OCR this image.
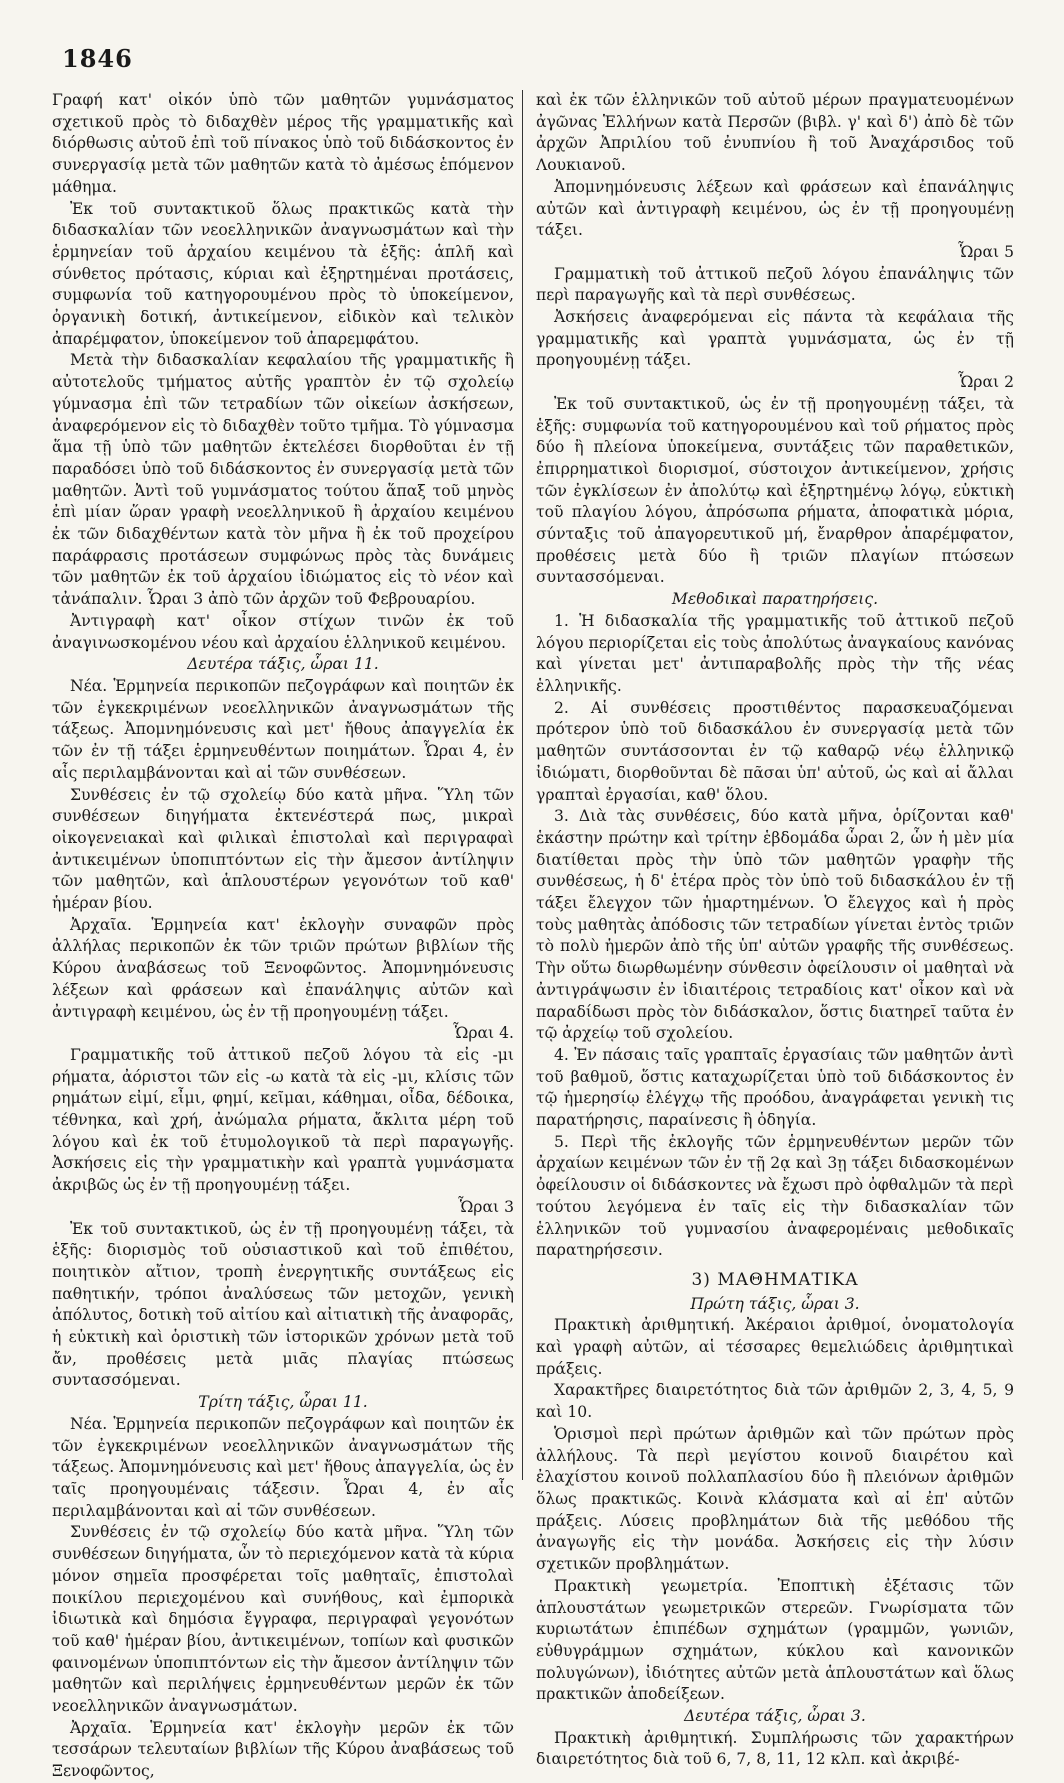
1846

Γραφή κατ' οἰκόν ὑπὸ τῶν μαθητῶν γυμνάσματος σχετικοῦ πρὸς τὸ διδαχθὲν μέρος τῆς γραμματικῆς καὶ διόρθωσις αὐτοῦ ἐπὶ τοῦ πίνακος ὑπὸ τοῦ διδάσκοντος ἐν συνεργασίᾳ μετὰ τῶν μαθητῶν κατὰ τὸ ἀμέσως ἑπόμενον μάθημα.

Ἐκ τοῦ συντακτικοῦ ὅλως πρακτικῶς κατὰ τὴν διδασκαλίαν τῶν νεοελληνικῶν ἀναγνωσμάτων καὶ τὴν ἑρμηνείαν τοῦ ἀρχαίου κειμένου τὰ ἑξῆς: ἁπλῆ καὶ σύνθετος πρότασις, κύριαι καὶ ἐξηρτημέναι προτάσεις, συμφωνία τοῦ κατηγορουμένου πρὸς τὸ ὑποκείμενον, ὀργανικὴ δοτική, ἀντικείμενον, εἰδικὸν καὶ τελικὸν ἀπαρέμφατον, ὑποκείμενον τοῦ ἀπαρεμφάτου.

Μετὰ τὴν διδασκαλίαν κεφαλαίου τῆς γραμματικῆς ἢ αὐτοτελοῦς τμήματος αὐτῆς γραπτὸν ἐν τῷ σχολείῳ γύμνασμα ἐπὶ τῶν τετραδίων τῶν οἰκείων ἀσκήσεων, ἀναφερόμενον εἰς τὸ διδαχθὲν τοῦτο τμῆμα. Τὸ γύμνασμα ἅμα τῇ ὑπὸ τῶν μαθητῶν ἐκτελέσει διορθοῦται ἐν τῇ παραδόσει ὑπὸ τοῦ διδάσκοντος ἐν συνεργασίᾳ μετὰ τῶν μαθητῶν. Ἀντὶ τοῦ γυμνάσματος τούτου ἅπαξ τοῦ μηνὸς ἐπὶ μίαν ὥραν γραφὴ νεοελληνικοῦ ἢ ἀρχαίου κειμένου ἐκ τῶν διδαχθέντων κατὰ τὸν μῆνα ἢ ἐκ τοῦ προχείρου παράφρασις προτάσεων συμφώνως πρὸς τὰς δυνάμεις τῶν μαθητῶν ἐκ τοῦ ἀρχαίου ἰδιώματος εἰς τὸ νέον καὶ τἀνάπαλιν. Ὧραι 3 ἀπὸ τῶν ἀρχῶν τοῦ Φεβρουαρίου.

Ἀντιγραφὴ κατ' οἶκον στίχων τινῶν ἐκ τοῦ ἀναγινωσκομένου νέου καὶ ἀρχαίου ἑλληνικοῦ κειμένου.

Δευτέρα τάξις, ὧραι 11.

Νέα. Ἑρμηνεία περικοπῶν πεζογράφων καὶ ποιητῶν ἐκ τῶν ἐγκεκριμένων νεοελληνικῶν ἀναγνωσμάτων τῆς τάξεως. Ἀπομνημόνευσις καὶ μετ' ἤθους ἀπαγγελία ἐκ τῶν ἐν τῇ τάξει ἑρμηνευθέντων ποιημάτων. Ὧραι 4, ἐν αἷς περιλαμβάνονται καὶ αἱ τῶν συνθέσεων.

Συνθέσεις ἐν τῷ σχολείῳ δύο κατὰ μῆνα. Ὕλη τῶν συνθέσεων διηγήματα ἐκτενέστερά πως, μικραὶ οἰκογενειακαὶ καὶ φιλικαὶ ἐπιστολαὶ καὶ περιγραφαὶ ἀντικειμένων ὑποπιπτόντων εἰς τὴν ἄμεσον ἀντίληψιν τῶν μαθητῶν, καὶ ἁπλουστέρων γεγονότων τοῦ καθ' ἡμέραν βίου.

Ἀρχαῖα. Ἑρμηνεία κατ' ἐκλογὴν συναφῶν πρὸς ἀλλήλας περικοπῶν ἐκ τῶν τριῶν πρώτων βιβλίων τῆς Κύρου ἀναβάσεως τοῦ Ξενοφῶντος. Ἀπομνημόνευσις λέξεων καὶ φράσεων καὶ ἐπανάληψις αὐτῶν καὶ ἀντιγραφὴ κειμένου, ὡς ἐν τῇ προηγουμένῃ τάξει.

Ὧραι 4.

Γραμματικῆς τοῦ ἀττικοῦ πεζοῦ λόγου τὰ εἰς -μι ρήματα, ἀόριστοι τῶν εἰς -ω κατὰ τὰ εἰς -μι, κλίσις τῶν ρημάτων εἰμί, εἶμι, φημί, κεῖμαι, κάθημαι, οἶδα, δέδοικα, τέθνηκα, καὶ χρή, ἀνώμαλα ρήματα, ἄκλιτα μέρη τοῦ λόγου καὶ ἐκ τοῦ ἐτυμολογικοῦ τὰ περὶ παραγωγῆς. Ἀσκήσεις εἰς τὴν γραμματικὴν καὶ γραπτὰ γυμνάσματα ἀκριβῶς ὡς ἐν τῇ προηγουμένῃ τάξει.

Ὧραι 3

Ἐκ τοῦ συντακτικοῦ, ὡς ἐν τῇ προηγουμένῃ τάξει, τὰ ἑξῆς: διορισμὸς τοῦ οὐσιαστικοῦ καὶ τοῦ ἐπιθέτου, ποιητικὸν αἴτιον, τροπὴ ἐνεργητικῆς συντάξεως εἰς παθητικήν, τρόποι ἀναλύσεως τῶν μετοχῶν, γενικὴ ἀπόλυτος, δοτικὴ τοῦ αἰτίου καὶ αἰτιατικὴ τῆς ἀναφορᾶς, ἡ εὐκτικὴ καὶ ὁριστικὴ τῶν ἱστορικῶν χρόνων μετὰ τοῦ ἄν, προθέσεις μετὰ μιᾶς πλαγίας πτώσεως συντασσόμεναι.

Τρίτη τάξις, ὧραι 11.

Νέα. Ἑρμηνεία περικοπῶν πεζογράφων καὶ ποιητῶν ἐκ τῶν ἐγκεκριμένων νεοελληνικῶν ἀναγνωσμάτων τῆς τάξεως. Ἀπομνημόνευσις καὶ μετ' ἤθους ἀπαγγελία, ὡς ἐν ταῖς προηγουμέναις τάξεσιν. Ὧραι 4, ἐν αἷς περιλαμβάνονται καὶ αἱ τῶν συνθέσεων.

Συνθέσεις ἐν τῷ σχολείῳ δύο κατὰ μῆνα. Ὕλη τῶν συνθέσεων διηγήματα, ὧν τὸ περιεχόμενον κατὰ τὰ κύρια μόνον σημεῖα προσφέρεται τοῖς μαθηταῖς, ἐπιστολαὶ ποικίλου περιεχομένου καὶ συνήθους, καὶ ἐμπορικὰ ἰδιωτικὰ καὶ δημόσια ἔγγραφα, περιγραφαὶ γεγονότων τοῦ καθ' ἡμέραν βίου, ἀντικειμένων, τοπίων καὶ φυσικῶν φαινομένων ὑποπιπτόντων εἰς τὴν ἄμεσον ἀντίληψιν τῶν μαθητῶν καὶ περιλήψεις ἑρμηνευθέντων μερῶν ἐκ τῶν νεοελληνικῶν ἀναγνωσμάτων.

Ἀρχαῖα. Ἑρμηνεία κατ' ἐκλογὴν μερῶν ἐκ τῶν τεσσάρων τελευταίων βιβλίων τῆς Κύρου ἀναβάσεως τοῦ Ξενοφῶντος,

καὶ ἐκ τῶν ἑλληνικῶν τοῦ αὐτοῦ μέρων πραγματευομένων ἀγῶνας Ἑλλήνων κατὰ Περσῶν (βιβλ. γ' καὶ δ') ἀπὸ δὲ τῶν ἀρχῶν Ἀπριλίου τοῦ ἐνυπνίου ἢ τοῦ Ἀναχάρσιδος τοῦ Λουκιανοῦ.

Ἀπομνημόνευσις λέξεων καὶ φράσεων καὶ ἐπανάληψις αὐτῶν καὶ ἀντιγραφὴ κειμένου, ὡς ἐν τῇ προηγουμένῃ τάξει.

Ὧραι 5

Γραμματικὴ τοῦ ἀττικοῦ πεζοῦ λόγου ἐπανάληψις τῶν περὶ παραγωγῆς καὶ τὰ περὶ συνθέσεως.

Ἀσκήσεις ἀναφερόμεναι εἰς πάντα τὰ κεφάλαια τῆς γραμματικῆς καὶ γραπτὰ γυμνάσματα, ὡς ἐν τῇ προηγουμένῃ τάξει.

Ὧραι 2

Ἐκ τοῦ συντακτικοῦ, ὡς ἐν τῇ προηγουμένῃ τάξει, τὰ ἑξῆς: συμφωνία τοῦ κατηγορουμένου καὶ τοῦ ρήματος πρὸς δύο ἢ πλείονα ὑποκείμενα, συντάξεις τῶν παραθετικῶν, ἐπιρρηματικοὶ διορισμοί, σύστοιχον ἀντικείμενον, χρήσις τῶν ἐγκλίσεων ἐν ἀπολύτῳ καὶ ἐξηρτημένῳ λόγῳ, εὐκτικὴ τοῦ πλαγίου λόγου, ἀπρόσωπα ρήματα, ἀποφατικὰ μόρια, σύνταξις τοῦ ἀπαγορευτικοῦ μή, ἔναρθρον ἀπαρέμφατον, προθέσεις μετὰ δύο ἢ τριῶν πλαγίων πτώσεων συντασσόμεναι.

Μεθοδικαὶ παρατηρήσεις.

1. Ἡ διδασκαλία τῆς γραμματικῆς τοῦ ἀττικοῦ πεζοῦ λόγου περιορίζεται εἰς τοὺς ἀπολύτως ἀναγκαίους κανόνας καὶ γίνεται μετ' ἀντιπαραβολῆς πρὸς τὴν τῆς νέας ἑλληνικῆς.

2. Αἱ συνθέσεις προστιθέντος παρασκευαζόμεναι πρότερον ὑπὸ τοῦ διδασκάλου ἐν συνεργασίᾳ μετὰ τῶν μαθητῶν συντάσσονται ἐν τῷ καθαρῷ νέῳ ἑλληνικῷ ἰδιώματι, διορθοῦνται δὲ πᾶσαι ὑπ' αὐτοῦ, ὡς καὶ αἱ ἄλλαι γραπταὶ ἐργασίαι, καθ' ὅλου.

3. Διὰ τὰς συνθέσεις, δύο κατὰ μῆνα, ὁρίζονται καθ' ἑκάστην πρώτην καὶ τρίτην ἑβδομάδα ὧραι 2, ὧν ἡ μὲν μία διατίθεται πρὸς τὴν ὑπὸ τῶν μαθητῶν γραφὴν τῆς συνθέσεως, ἡ δ' ἑτέρα πρὸς τὸν ὑπὸ τοῦ διδασκάλου ἐν τῇ τάξει ἔλεγχον τῶν ἡμαρτημένων. Ὁ ἔλεγχος καὶ ἡ πρὸς τοὺς μαθητὰς ἀπόδοσις τῶν τετραδίων γίνεται ἐντὸς τριῶν τὸ πολὺ ἡμερῶν ἀπὸ τῆς ὑπ' αὐτῶν γραφῆς τῆς συνθέσεως. Τὴν οὕτω διωρθωμένην σύνθεσιν ὀφείλουσιν οἱ μαθηταὶ νὰ ἀντιγράψωσιν ἐν ἰδιαιτέροις τετραδίοις κατ' οἶκον καὶ νὰ παραδίδωσι πρὸς τὸν διδάσκαλον, ὅστις διατηρεῖ ταῦτα ἐν τῷ ἀρχείῳ τοῦ σχολείου.

4. Ἐν πάσαις ταῖς γραπταῖς ἐργασίαις τῶν μαθητῶν ἀντὶ τοῦ βαθμοῦ, ὅστις καταχωρίζεται ὑπὸ τοῦ διδάσκοντος ἐν τῷ ἡμερησίῳ ἐλέγχῳ τῆς προόδου, ἀναγράφεται γενικὴ τις παρατήρησις, παραίνεσις ἢ ὁδηγία.

5. Περὶ τῆς ἐκλογῆς τῶν ἑρμηνευθέντων μερῶν τῶν ἀρχαίων κειμένων τῶν ἐν τῇ 2ᾳ καὶ 3ῃ τάξει διδασκομένων ὀφείλουσιν οἱ διδάσκοντες νὰ ἔχωσι πρὸ ὀφθαλμῶν τὰ περὶ τούτου λεγόμενα ἐν ταῖς εἰς τὴν διδασκαλίαν τῶν ἑλληνικῶν τοῦ γυμνασίου ἀναφερομέναις μεθοδικαῖς παρατηρήσεσιν.

3) ΜΑΘΗΜΑΤΙΚΑ

Πρώτη τάξις, ὧραι 3.

Πρακτικὴ ἀριθμητική. Ἀκέραιοι ἀριθμοί, ὀνοματολογία καὶ γραφὴ αὐτῶν, αἱ τέσσαρες θεμελιώδεις ἀριθμητικαὶ πράξεις.

Χαρακτῆρες διαιρετότητος διὰ τῶν ἀριθμῶν 2, 3, 4, 5, 9 καὶ 10.

Ὁρισμοὶ περὶ πρώτων ἀριθμῶν καὶ τῶν πρώτων πρὸς ἀλλήλους. Τὰ περὶ μεγίστου κοινοῦ διαιρέτου καὶ ἐλαχίστου κοινοῦ πολλαπλασίου δύο ἢ πλειόνων ἀριθμῶν ὅλως πρακτικῶς. Κοινὰ κλάσματα καὶ αἱ ἐπ' αὐτῶν πράξεις. Λύσεις προβλημάτων διὰ τῆς μεθόδου τῆς ἀναγωγῆς εἰς τὴν μονάδα. Ἀσκήσεις εἰς τὴν λύσιν σχετικῶν προβλημάτων.

Πρακτικὴ γεωμετρία. Ἐποπτικὴ ἐξέτασις τῶν ἁπλουστάτων γεωμετρικῶν στερεῶν. Γνωρίσματα τῶν κυριωτάτων ἐπιπέδων σχημάτων (γραμμῶν, γωνιῶν, εὐθυγράμμων σχημάτων, κύκλου καὶ κανονικῶν πολυγώνων), ἰδιότητες αὐτῶν μετὰ ἁπλουστάτων καὶ ὅλως πρακτικῶν ἀποδείξεων.

Δευτέρα τάξις, ὧραι 3.

Πρακτικὴ ἀριθμητική. Συμπλήρωσις τῶν χαρακτήρων διαιρετότητος διὰ τοῦ 6, 7, 8, 11, 12 κλπ. καὶ ἀκριβέ-
